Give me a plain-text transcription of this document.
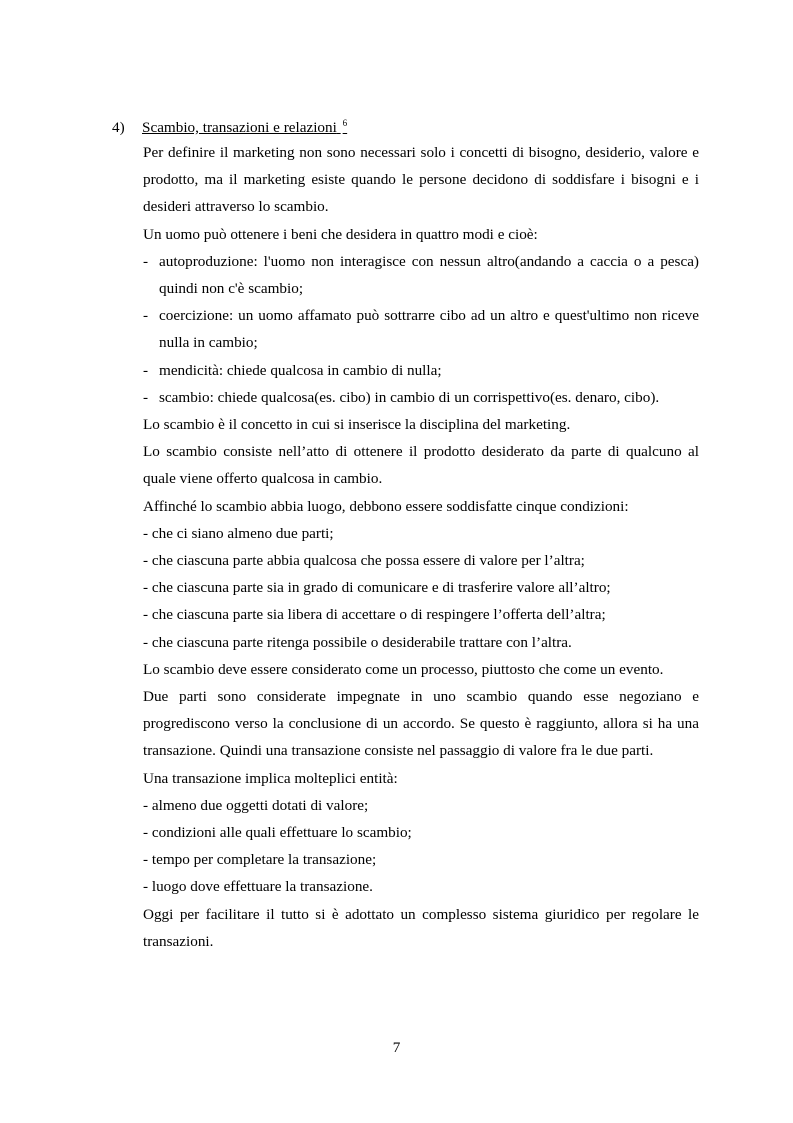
4) Scambio, transazioni e relazioni $^6$

Per definire il marketing non sono necessari solo i concetti di bisogno, desiderio, valore e prodotto, ma il marketing esiste quando le persone decidono di soddisfare i bisogni e i desideri attraverso lo scambio.

Un uomo può ottenere i beni che desidera in quattro modi e cioè:

- autoproduzione: l'uomo non interagisce con nessun altro(andando a caccia o a pesca) quindi non c'è scambio;
- coercizione: un uomo affamato può sottrarre cibo ad un altro e quest'ultimo non riceve nulla in cambio;
- mendicità: chiede qualcosa in cambio di nulla;
- scambio: chiede qualcosa(es. cibo) in cambio di un corrispettivo(es. denaro, cibo).

Lo scambio è il concetto in cui si inserisce la disciplina del marketing.

Lo scambio consiste nell’atto di ottenere il prodotto desiderato da parte di qualcuno al quale viene offerto qualcosa in cambio.

Affinché lo scambio abbia luogo, debbono essere soddisfatte cinque condizioni:

- che ci siano almeno due parti;

- che ciascuna parte abbia qualcosa che possa essere di valore per l’altra;

- che ciascuna parte sia in grado di comunicare e di trasferire valore all’altro;

- che ciascuna parte sia libera di accettare o di respingere l’offerta dell’altra;

- che ciascuna parte ritenga possibile o desiderabile trattare con l’altra.

Lo scambio deve essere considerato come un processo, piuttosto che come un evento.

Due parti sono considerate impegnate in uno scambio quando esse negoziano e progrediscono verso la conclusione di un accordo. Se questo è raggiunto, allora si ha una transazione. Quindi una transazione consiste nel passaggio di valore fra le due parti.

Una transazione implica molteplici entità:

- almeno due oggetti dotati di valore;

- condizioni alle quali effettuare lo scambio;

- tempo per completare la transazione;

- luogo dove effettuare la transazione.

Oggi per facilitare il tutto si è adottato un complesso sistema giuridico per regolare le transazioni.

7
